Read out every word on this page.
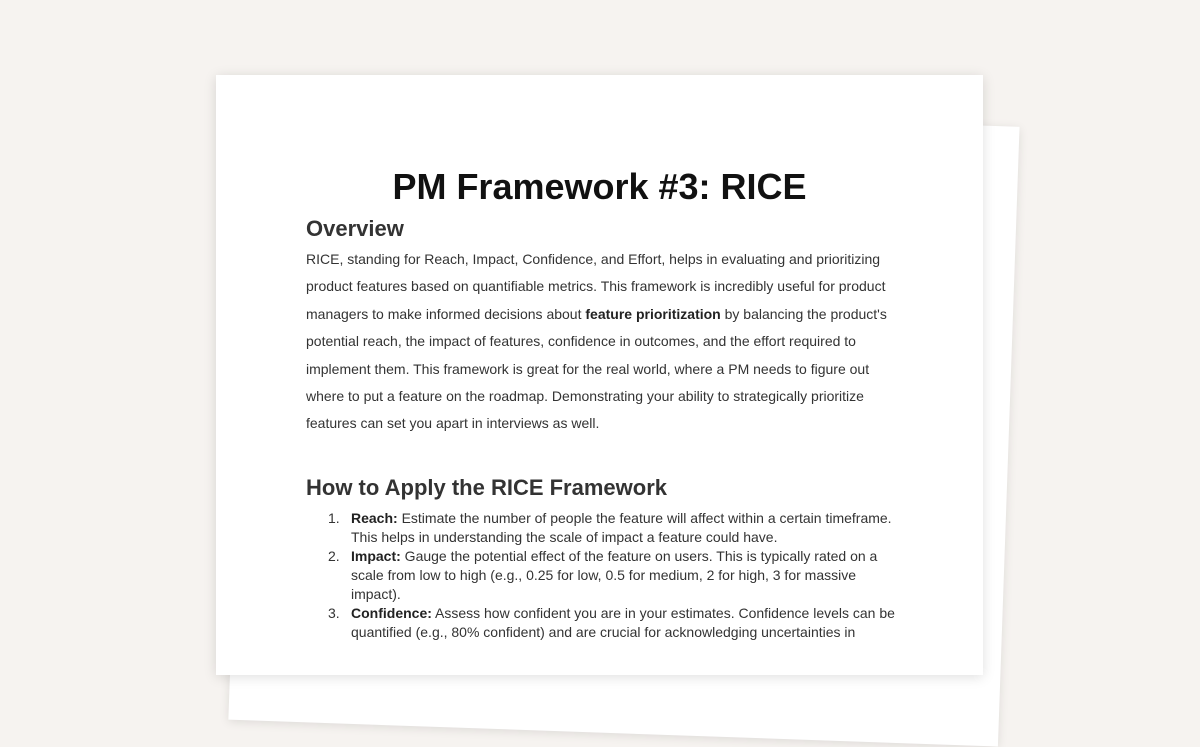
PM Framework #3: RICE
Overview

RICE, standing for Reach, Impact, Confidence, and Effort, helps in evaluating and prioritizing product features based on quantifiable metrics. This framework is incredibly useful for product managers to make informed decisions about feature prioritization by balancing the product's potential reach, the impact of features, confidence in outcomes, and the effort required to implement them. This framework is great for the real world, where a PM needs to figure out where to put a feature on the roadmap. Demonstrating your ability to strategically prioritize features can set you apart in interviews as well.

How to Apply the RICE Framework
1. Reach: Estimate the number of people the feature will affect within a certain timeframe. This helps in understanding the scale of impact a feature could have.
2. Impact: Gauge the potential effect of the feature on users. This is typically rated on a scale from low to high (e.g., 0.25 for low, 0.5 for medium, 2 for high, 3 for massive impact).
3. Confidence: Assess how confident you are in your estimates. Confidence levels can be quantified (e.g., 80% confident) and are crucial for acknowledging uncertainties in
